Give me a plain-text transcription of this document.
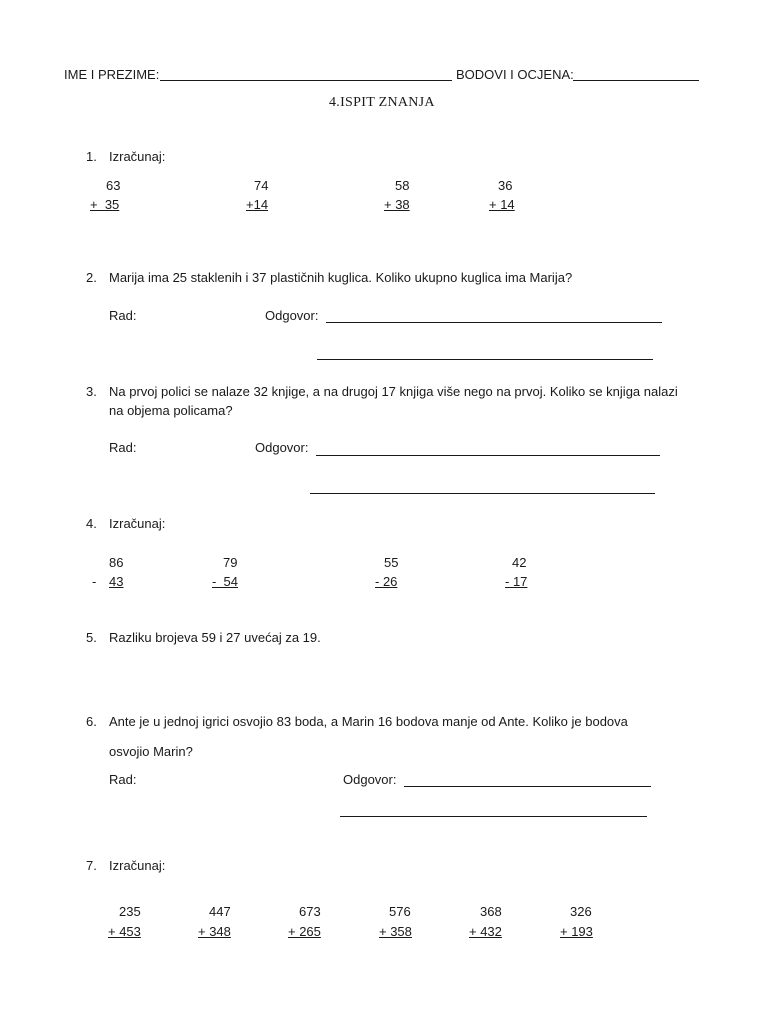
IME I PREZIME:	BODOVI I OCJENA:
4.ISPIT ZNANJA
1. Izračunaj:
63
+  35
74
+14
58
+ 38
36
+ 14
2. Marija ima 25 staklenih i 37 plastičnih kuglica. Koliko ukupno kuglica ima Marija?
Rad:	Odgovor:
3. Na prvoj polici se nalaze 32 knjige, a na drugoj 17 knjiga više nego na prvoj. Koliko se knjiga nalazi
na objema policama?
Rad:	Odgovor:
4. Izračunaj:
86
- 43
79
-  54
55
- 26
42
- 17
5. Razliku brojeva 59 i 27 uvećaj za 19.
6. Ante je u jednoj igrici osvojio 83 boda, a Marin 16 bodova manje od Ante. Koliko je bodova
osvojio Marin?
Rad:	Odgovor:
7. Izračunaj:
235
+ 453
447
+ 348
673
+ 265
576
+ 358
368
+ 432
326
+ 193
